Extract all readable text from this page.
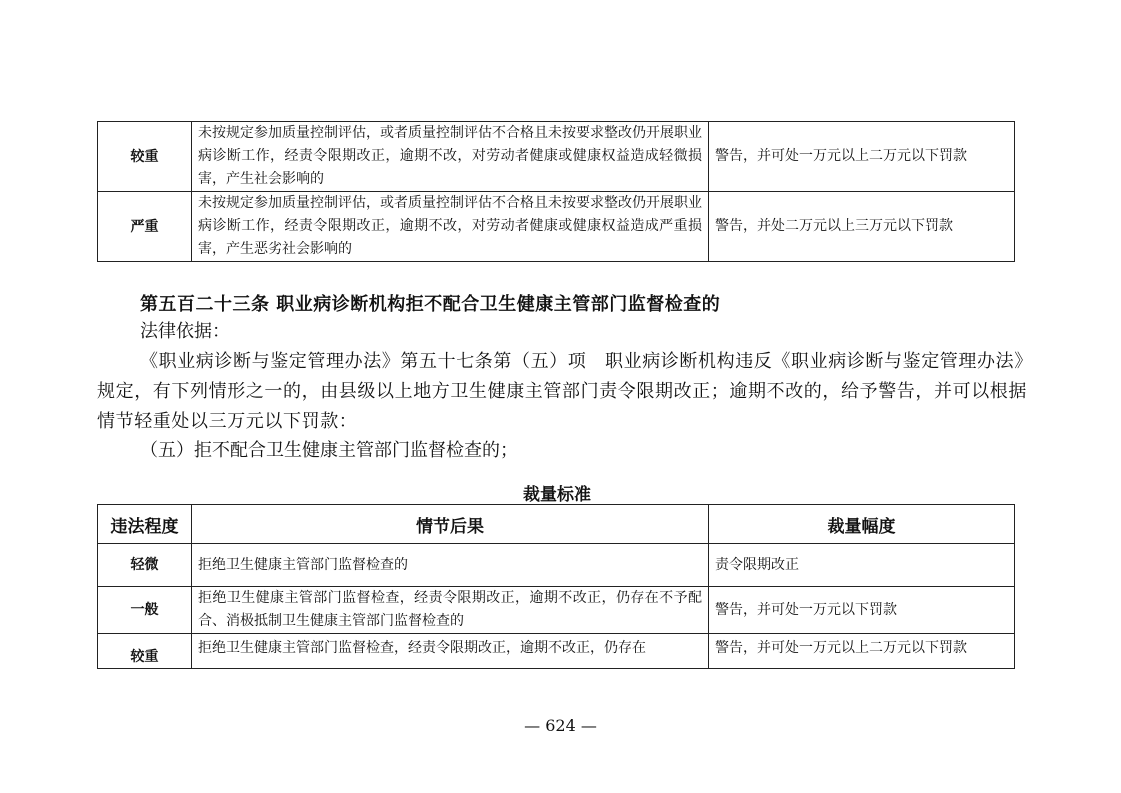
较重	未按规定参加质量控制评估，或者质量控制评估不合格且未按要求整改仍开展职业病诊断工作，经责令限期改正，逾期不改，对劳动者健康或健康权益造成轻微损害，产生社会影响的	警告，并可处一万元以上二万元以下罚款
严重	未按规定参加质量控制评估，或者质量控制评估不合格且未按要求整改仍开展职业病诊断工作，经责令限期改正，逾期不改，对劳动者健康或健康权益造成严重损害，产生恶劣社会影响的	警告，并处二万元以上三万元以下罚款
第五百二十三条 职业病诊断机构拒不配合卫生健康主管部门监督检查的
法律依据：
《职业病诊断与鉴定管理办法》第五十七条第（五）项　职业病诊断机构违反《职业病诊断与鉴定管理办法》规定，有下列情形之一的，由县级以上地方卫生健康主管部门责令限期改正；逾期不改的，给予警告，并可以根据情节轻重处以三万元以下罚款：
（五）拒不配合卫生健康主管部门监督检查的；
裁量标准
违法程度	情节后果	裁量幅度
轻微	拒绝卫生健康主管部门监督检查的	责令限期改正
一般	拒绝卫生健康主管部门监督检查，经责令限期改正，逾期不改正，仍存在不予配合、消极抵制卫生健康主管部门监督检查的	警告，并可处一万元以下罚款
较重	拒绝卫生健康主管部门监督检查，经责令限期改正，逾期不改正，仍存在	警告，并可处一万元以上二万元以下罚款
— 624 —
